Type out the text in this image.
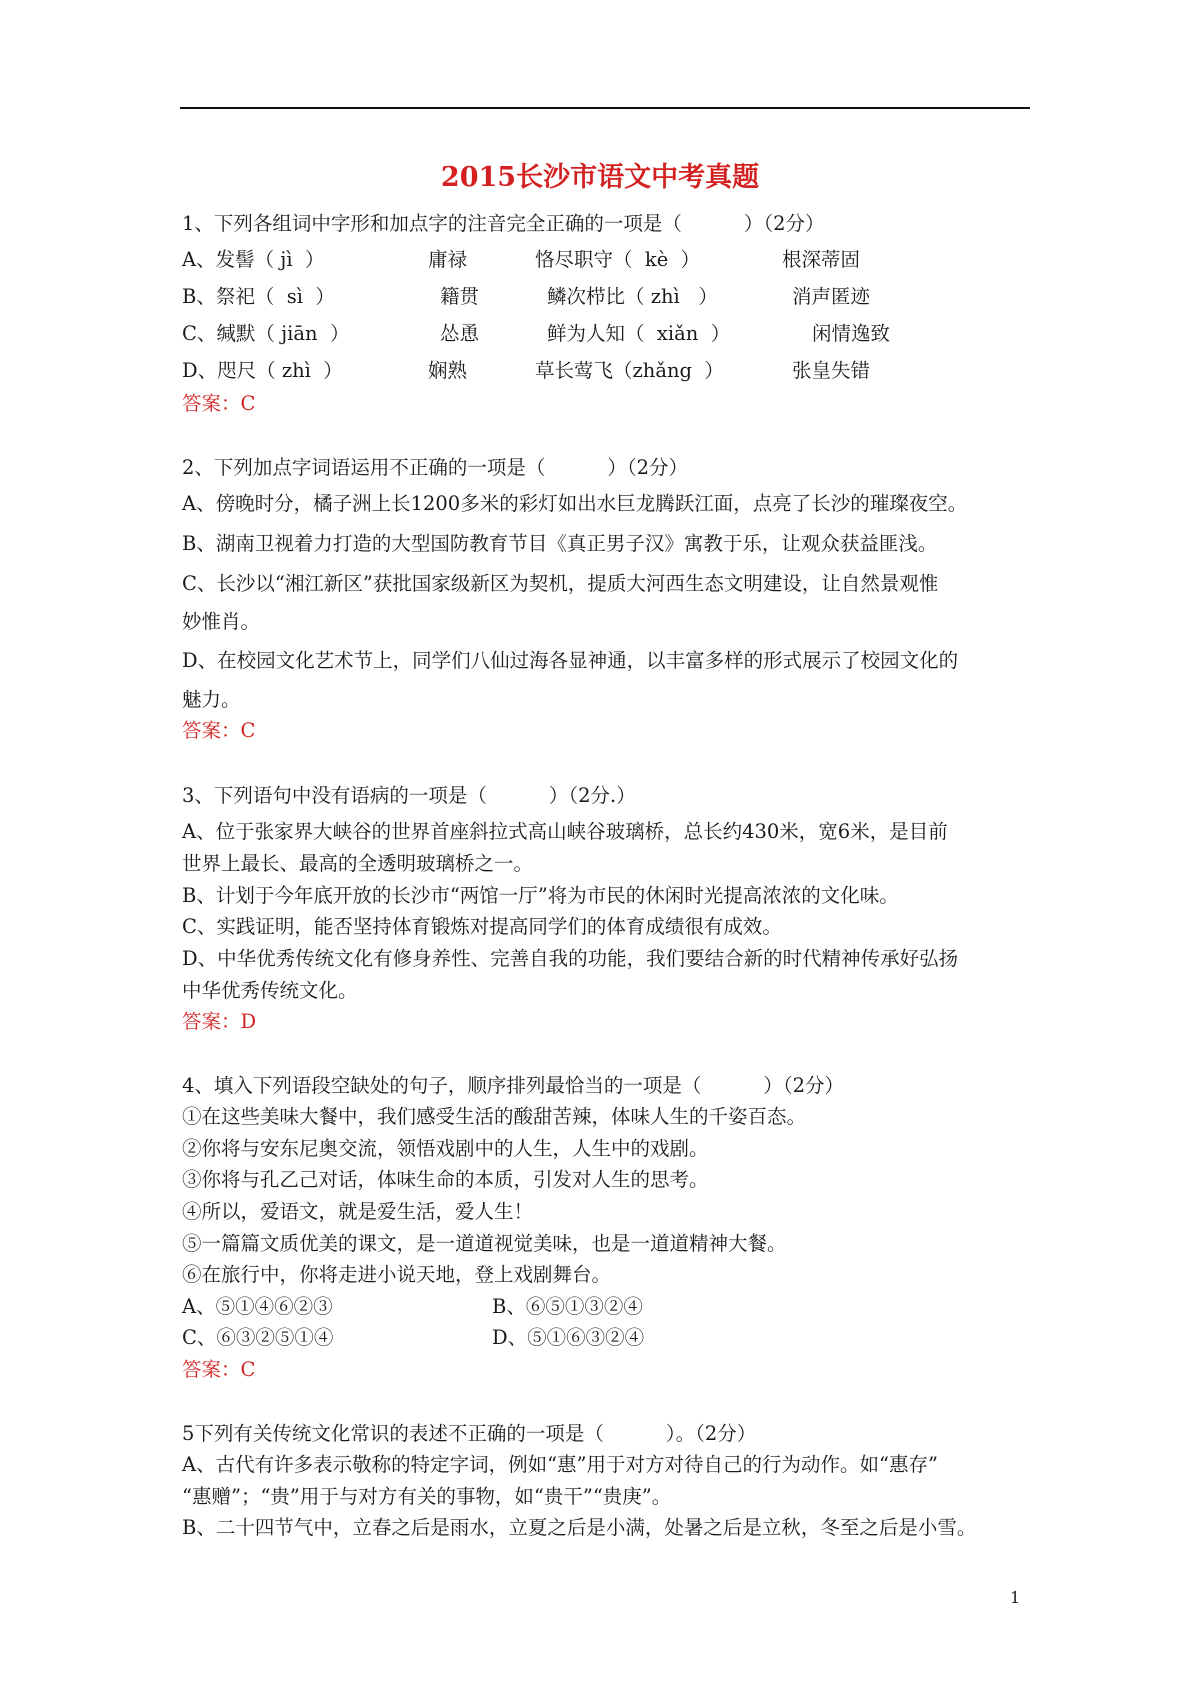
2015长沙市语文中考真题
1、下列各组词中字形和加点字的注音完全正确的一项是（          ）（2分）
A、发髻（ jì  ）	庸禄	恪尽职守（  kè  ）	根深蒂固
B、祭祀（  sì  ）	籍贯	鳞次栉比（ zhì   ）	消声匿迹
C、缄默（ jiān  ）	怂恿	鲜为人知（  xiǎn  ）	闲情逸致
D、咫尺（ zhì  ）	娴熟	草长莺飞（zhǎng  ）	张皇失错
答案：C
2、下列加点字词语运用不正确的一项是（          ）（2分）
A、傍晚时分，橘子洲上长1200多米的彩灯如出水巨龙腾跃江面，点亮了长沙的璀璨夜空。
B、湖南卫视着力打造的大型国防教育节目《真正男子汉》寓教于乐，让观众获益匪浅。
C、长沙以“湘江新区”获批国家级新区为契机，提质大河西生态文明建设，让自然景观惟
妙惟肖。
D、在校园文化艺术节上，同学们八仙过海各显神通，以丰富多样的形式展示了校园文化的
魅力。
答案：C
3、下列语句中没有语病的一项是（          ）（2分.）
A、位于张家界大峡谷的世界首座斜拉式高山峡谷玻璃桥，总长约430米，宽6米，是目前
世界上最长、最高的全透明玻璃桥之一。
B、计划于今年底开放的长沙市“两馆一厅”将为市民的休闲时光提高浓浓的文化味。
C、实践证明，能否坚持体育锻炼对提高同学们的体育成绩很有成效。
D、中华优秀传统文化有修身养性、完善自我的功能，我们要结合新的时代精神传承好弘扬
中华优秀传统文化。
答案：D
4、填入下列语段空缺处的句子，顺序排列最恰当的一项是（          ）（2分）
①在这些美味大餐中，我们感受生活的酸甜苦辣，体味人生的千姿百态。
②你将与安东尼奥交流，领悟戏剧中的人生，人生中的戏剧。
③你将与孔乙己对话，体味生命的本质，引发对人生的思考。
④所以，爱语文，就是爱生活，爱人生！
⑤一篇篇文质优美的课文，是一道道视觉美味，也是一道道精神大餐。
⑥在旅行中，你将走进小说天地，登上戏剧舞台。
A、⑤①④⑥②③	B、⑥⑤①③②④
C、⑥③②⑤①④	D、⑤①⑥③②④
答案：C
5下列有关传统文化常识的表述不正确的一项是（          ）。（2分）
A、古代有许多表示敬称的特定字词，例如“惠”用于对方对待自己的行为动作。如“惠存”
“惠赠”；“贵”用于与对方有关的事物，如“贵干”“贵庚”。
B、二十四节气中，立春之后是雨水，立夏之后是小满，处暑之后是立秋，冬至之后是小雪。
1
